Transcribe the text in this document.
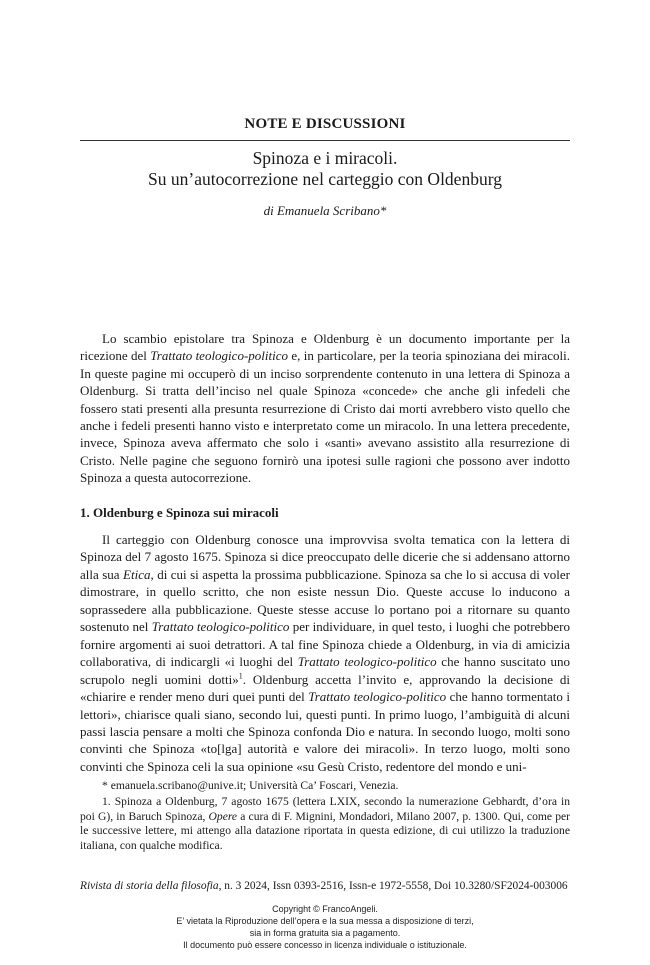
NOTE E DISCUSSIONI
Spinoza e i miracoli.
Su un’autocorrezione nel carteggio con Oldenburg
di Emanuela Scribano*

Lo scambio epistolare tra Spinoza e Oldenburg è un documento importante per la ricezione del Trattato teologico-politico e, in particolare, per la teoria spinoziana dei miracoli. In queste pagine mi occuperò di un inciso sorprendente contenuto in una lettera di Spinoza a Oldenburg. Si tratta dell’inciso nel quale Spinoza «concede» che anche gli infedeli che fossero stati presenti alla presunta resurrezione di Cristo dai morti avrebbero visto quello che anche i fedeli presenti hanno visto e interpretato come un miracolo. In una lettera precedente, invece, Spinoza aveva affermato che solo i «santi» avevano assistito alla resurrezione di Cristo. Nelle pagine che seguono fornirò una ipotesi sulle ragioni che possono aver indotto Spinoza a questa autocorrezione.

1. Oldenburg e Spinoza sui miracoli

Il carteggio con Oldenburg conosce una improvvisa svolta tematica con la lettera di Spinoza del 7 agosto 1675. Spinoza si dice preoccupato delle dicerie che si addensano attorno alla sua Etica, di cui si aspetta la prossima pubblicazione. Spinoza sa che lo si accusa di voler dimostrare, in quello scritto, che non esiste nessun Dio. Queste accuse lo inducono a soprassedere alla pubblicazione. Queste stesse accuse lo portano poi a ritornare su quanto sostenuto nel Trattato teologico-politico per individuare, in quel testo, i luoghi che potrebbero fornire argomenti ai suoi detrattori. A tal fine Spinoza chiede a Oldenburg, in via di amicizia collaborativa, di indicargli «i luoghi del Trattato teologico-politico che hanno suscitato uno scrupolo negli uomini dotti»$^1$. Oldenburg accetta l’invito e, approvando la decisione di «chiarire e render meno duri quei punti del Trattato teologico-politico che hanno tormentato i lettori», chiarisce quali siano, secondo lui, questi punti. In primo luogo, l’ambiguità di alcuni passi lascia pensare a molti che Spinoza confonda Dio e natura. In secondo luogo, molti sono convinti che Spinoza «to[lga] autorità e valore dei miracoli». In terzo luogo, molti sono convinti che Spinoza celi la sua opinione «su Gesù Cristo, redentore del mondo e uni-

* emanuela.scribano@unive.it; Università Ca’ Foscari, Venezia.

1. Spinoza a Oldenburg, 7 agosto 1675 (lettera LXIX, secondo la numerazione Gebhardt, d’ora in poi G), in Baruch Spinoza, Opere a cura di F. Mignini, Mondadori, Milano 2007, p. 1300. Qui, come per le successive lettere, mi attengo alla datazione riportata in questa edizione, di cui utilizzo la traduzione italiana, con qualche modifica.

Rivista di storia della filosofia, n. 3 2024, Issn 0393-2516, Issn-e 1972-5558, Doi 10.3280/SF2024-003006
Copyright © FrancoAngeli.
E’ vietata la Riproduzione dell’opera e la sua messa a disposizione di terzi,
sia in forma gratuita sia a pagamento.
Il documento può essere concesso in licenza individuale o istituzionale.
